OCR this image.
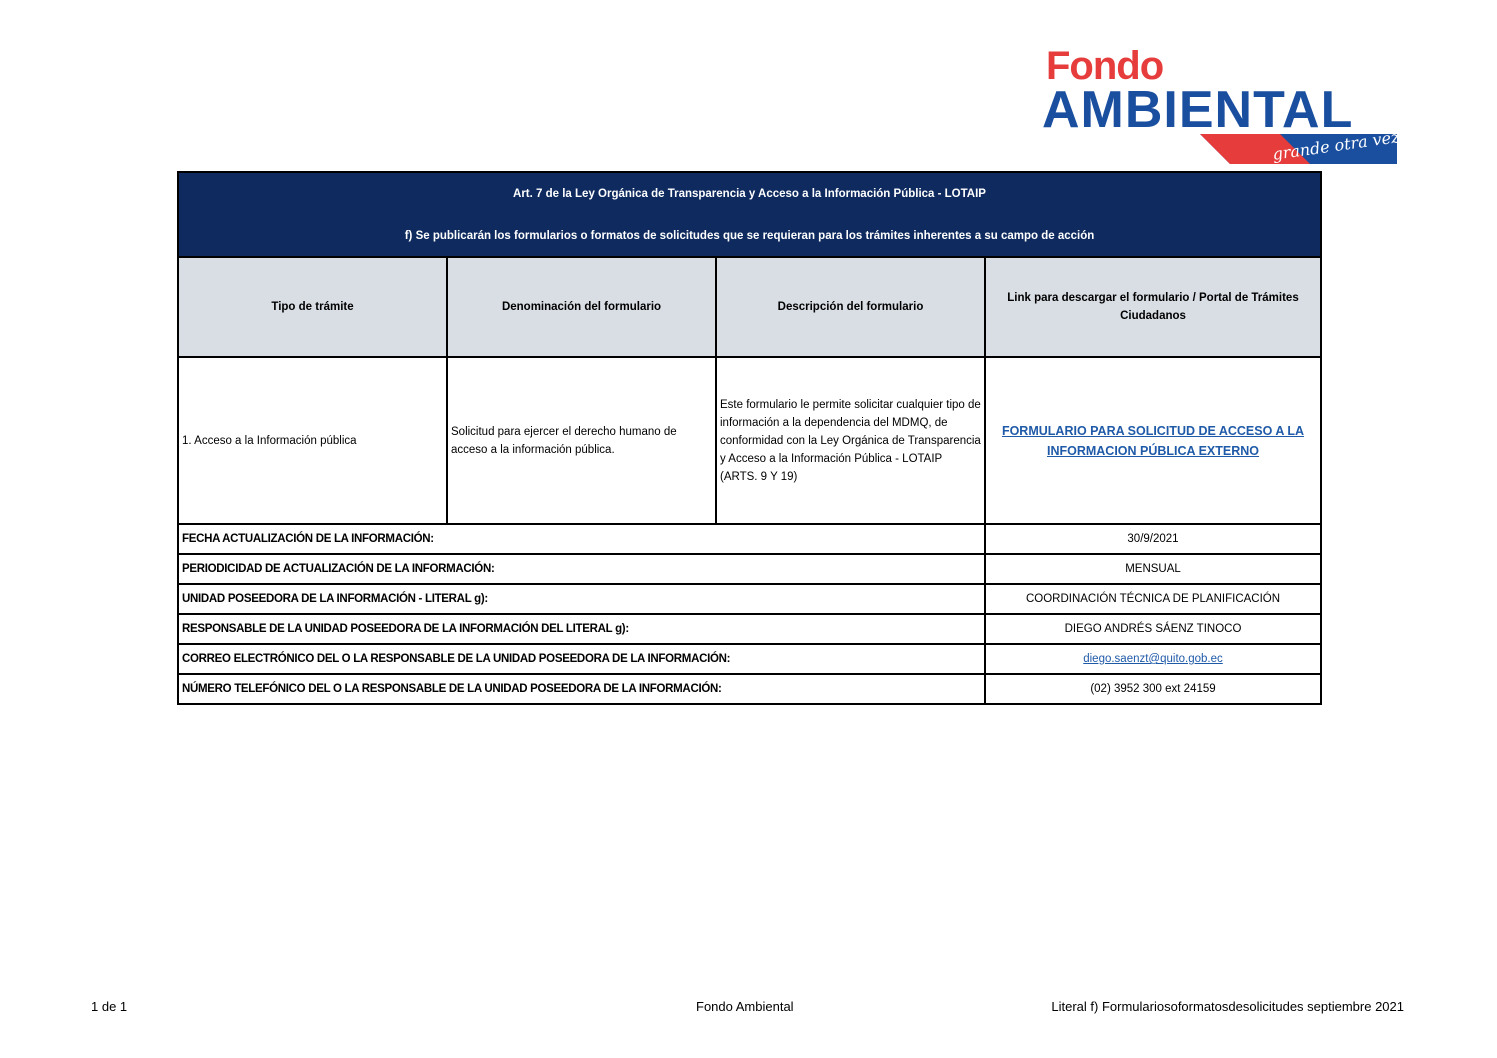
Fondo
AMBIENTAL
grande otra vez
Art. 7 de la Ley Orgánica de Transparencia y Acceso a la Información Pública - LOTAIP
f) Se publicarán los formularios o formatos de solicitudes que se requieran para los trámites inherentes a su campo de acción			

Tipo de trámite	Denominación del formulario	Descripción del formulario	Link para descargar el formulario / Portal de Trámites Ciudadanos
1. Acceso a la Información pública	Solicitud para ejercer el derecho humano de acceso a la información pública.	Este formulario le permite solicitar cualquier tipo de información a la dependencia del MDMQ, de conformidad con la Ley Orgánica de Transparencia y Acceso a la Información Pública - LOTAIP (ARTS. 9 Y 19)	FORMULARIO PARA SOLICITUD DE ACCESO A LA INFORMACION PÚBLICA EXTERNO
FECHA ACTUALIZACIÓN DE LA INFORMACIÓN:			30/9/2021
PERIODICIDAD DE ACTUALIZACIÓN DE LA INFORMACIÓN:			MENSUAL
UNIDAD POSEEDORA DE LA INFORMACIÓN - LITERAL g):			COORDINACIÓN TÉCNICA DE PLANIFICACIÓN
RESPONSABLE DE LA UNIDAD POSEEDORA DE LA INFORMACIÓN DEL LITERAL g):			DIEGO ANDRÉS SÁENZ TINOCO
CORREO ELECTRÓNICO DEL O LA RESPONSABLE DE LA UNIDAD POSEEDORA DE LA INFORMACIÓN:			diego.saenzt@quito.gob.ec
NÚMERO TELEFÓNICO DEL O LA RESPONSABLE DE LA UNIDAD POSEEDORA DE LA INFORMACIÓN:			(02) 3952 300 ext 24159
1 de 1	Fondo Ambiental	Literal f) Formulariosoformatosdesolicitudes septiembre 2021
